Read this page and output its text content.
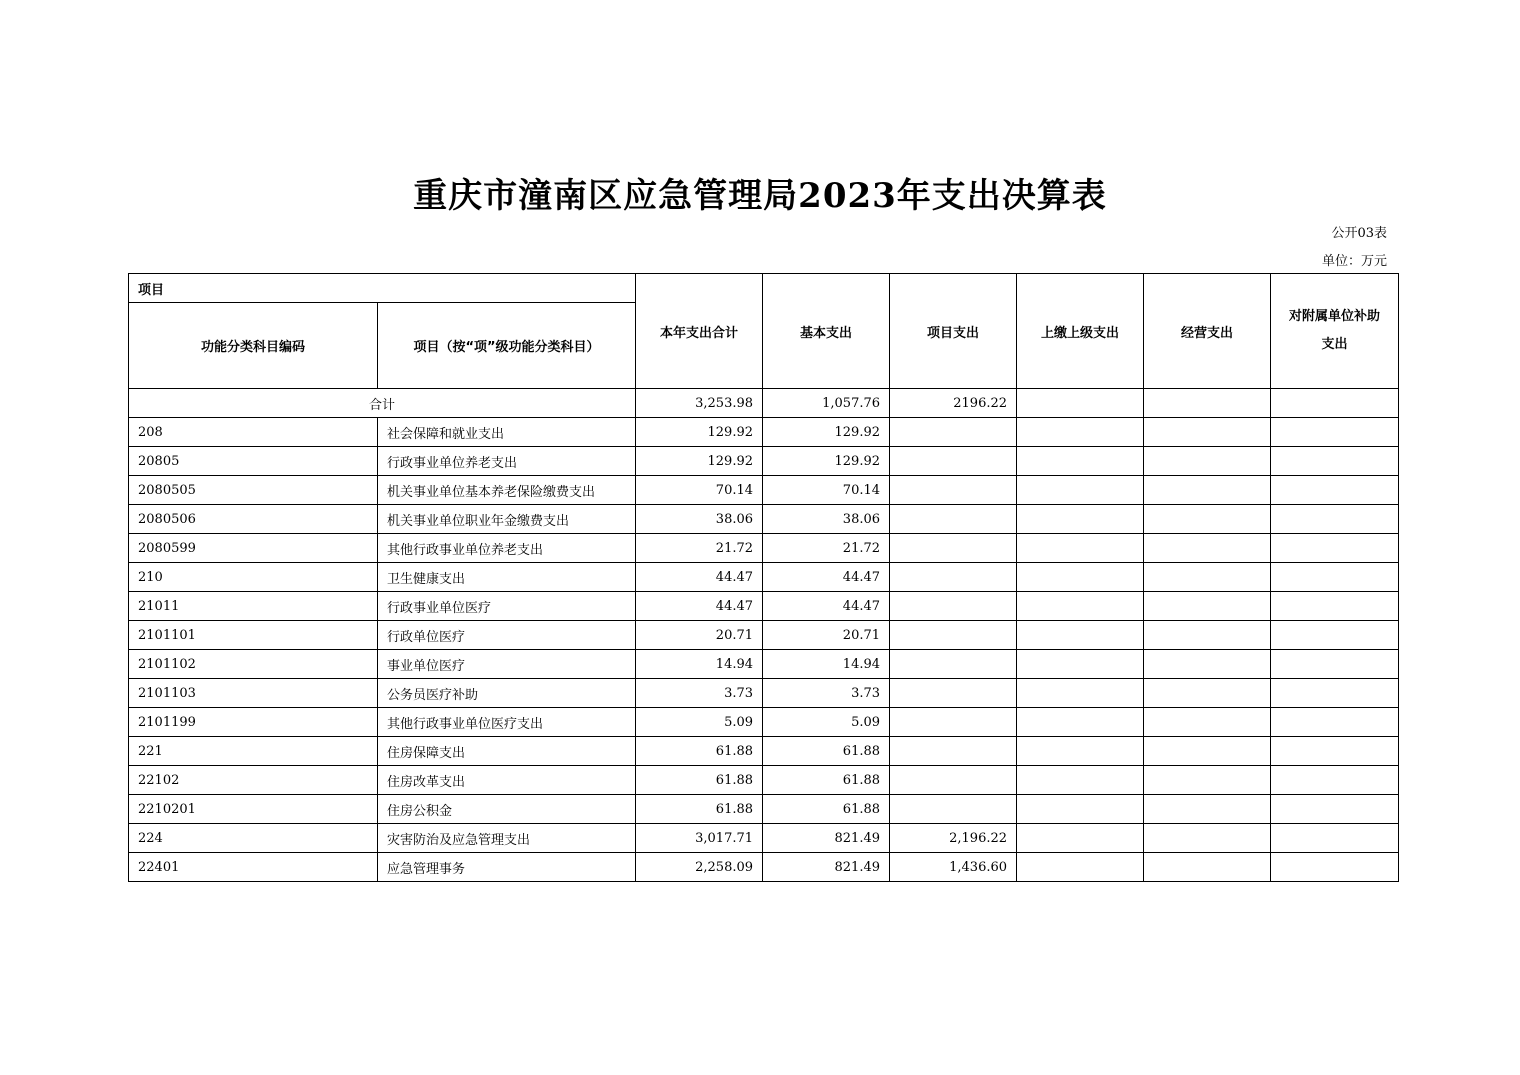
重庆市潼南区应急管理局2023年支出决算表
公开03表
单位：万元
项目		本年支出合计	基本支出	项目支出	上缴上级支出	经营支出	对附属单位补助支出
功能分类科目编码	项目（按“项”级功能分类科目）						
合计		3,253.98	1,057.76	2196.22			
208	社会保障和就业支出	129.92	129.92				
20805	行政事业单位养老支出	129.92	129.92				
2080505	机关事业单位基本养老保险缴费支出	70.14	70.14				
2080506	机关事业单位职业年金缴费支出	38.06	38.06				
2080599	其他行政事业单位养老支出	21.72	21.72				
210	卫生健康支出	44.47	44.47				
21011	行政事业单位医疗	44.47	44.47				
2101101	行政单位医疗	20.71	20.71				
2101102	事业单位医疗	14.94	14.94				
2101103	公务员医疗补助	3.73	3.73				
2101199	其他行政事业单位医疗支出	5.09	5.09				
221	住房保障支出	61.88	61.88				
22102	住房改革支出	61.88	61.88				
2210201	住房公积金	61.88	61.88				
224	灾害防治及应急管理支出	3,017.71	821.49	2,196.22			
22401	应急管理事务	2,258.09	821.49	1,436.60			
